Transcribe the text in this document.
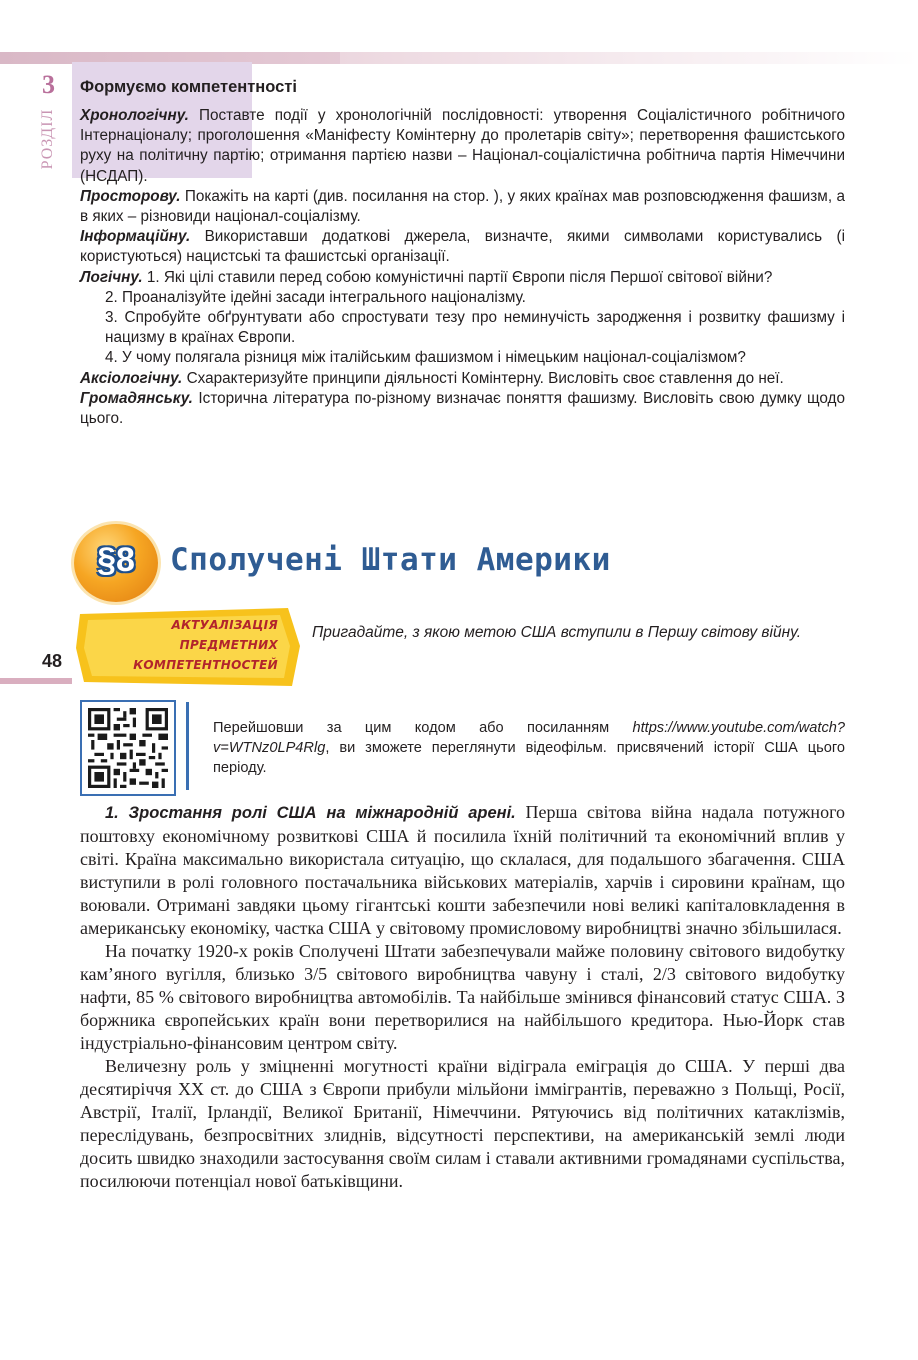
3
РОЗДІЛ
Формуємо компетентності

Хронологічну. Поставте події у хронологічній послідовності: утворення Соціалістичного робітничого Інтернаціоналу; проголошення «Маніфесту Комінтерну до пролетарів світу»; перетворення фашистського руху на політичну партію; отримання партією назви – Націонал-соціалістична робітнича партія Німеччини (НСДАП).

Просторову. Покажіть на карті (див. посилання на стор. ), у яких країнах мав розповсюдження фашизм, а в яких – різновиди націонал-соціалізму.

Інформаційну. Використавши додаткові джерела, визначте, якими символами користувались (і користуються) нацистські та фашистські організації.

Логічну. 1. Які цілі ставили перед собою комуністичні партії Європи після Першої світової війни?

2. Проаналізуйте ідейні засади інтегрального націоналізму.

3. Спробуйте обґрунтувати або спростувати тезу про неминучість зародження і розвитку фашизму і нацизму в країнах Європи.

4. У чому полягала різниця між італійським фашизмом і німецьким націонал-соціалізмом?

Аксіологічну. Схарактеризуйте принципи діяльності Комінтерну. Висловіть своє ставлення до неї.

Громадянську. Історична література по-різному визначає поняття фашизму. Висловіть свою думку щодо цього.

§8	Сполучені Штати Америки
АКТУАЛІЗАЦІЯ
ПРЕДМЕТНИХ
КОМПЕТЕНТНОСТЕЙ
Пригадайте, з якою метою США вступили в Першу світову війну.
48
Перейшовши за цим кодом або посиланням https://www.youtube.com/watch?v=WTNz0LP4Rlg, ви зможете переглянути відеофільм. присвячений історії США цього періоду.

1. Зростання ролі США на міжнародній арені. Перша світова війна надала потужного поштовху економічному розвиткові США й посилила їхній політичний та економічний вплив у світі. Країна максимально використала ситуацію, що склалася, для подальшого збагачення. США виступили в ролі головного постачальника військових матеріалів, харчів і сировини країнам, що воювали. Отримані завдяки цьому гігантські кошти забезпечили нові великі капіталовкладення в американську економіку, частка США у світовому промисловому виробництві значно збільшилася.

На початку 1920-х років Сполучені Штати забезпечували майже половину світового видобутку кам’яного вугілля, близько 3/5 світового виробництва чавуну і сталі, 2/3 світового видобутку нафти, 85 % світового виробництва автомобілів. Та найбільше змінився фінансовий статус США. З боржника європейських країн вони перетворилися на найбільшого кредитора. Нью-Йорк став індустріально-фінансовим центром світу.

Величезну роль у зміцненні могутності країни відіграла еміграція до США. У перші два десятиріччя XX ст. до США з Європи прибули мільйони іммігрантів, переважно з Польщі, Росії, Австрії, Італії, Ірландії, Великої Британії, Німеччини. Рятуючись від політичних катаклізмів, переслідувань, безпросвітних злиднів, відсутності перспективи, на американській землі люди досить швидко знаходили застосування своїм силам і ставали активними громадянами суспільства, посилюючи потенціал нової батьківщини.
